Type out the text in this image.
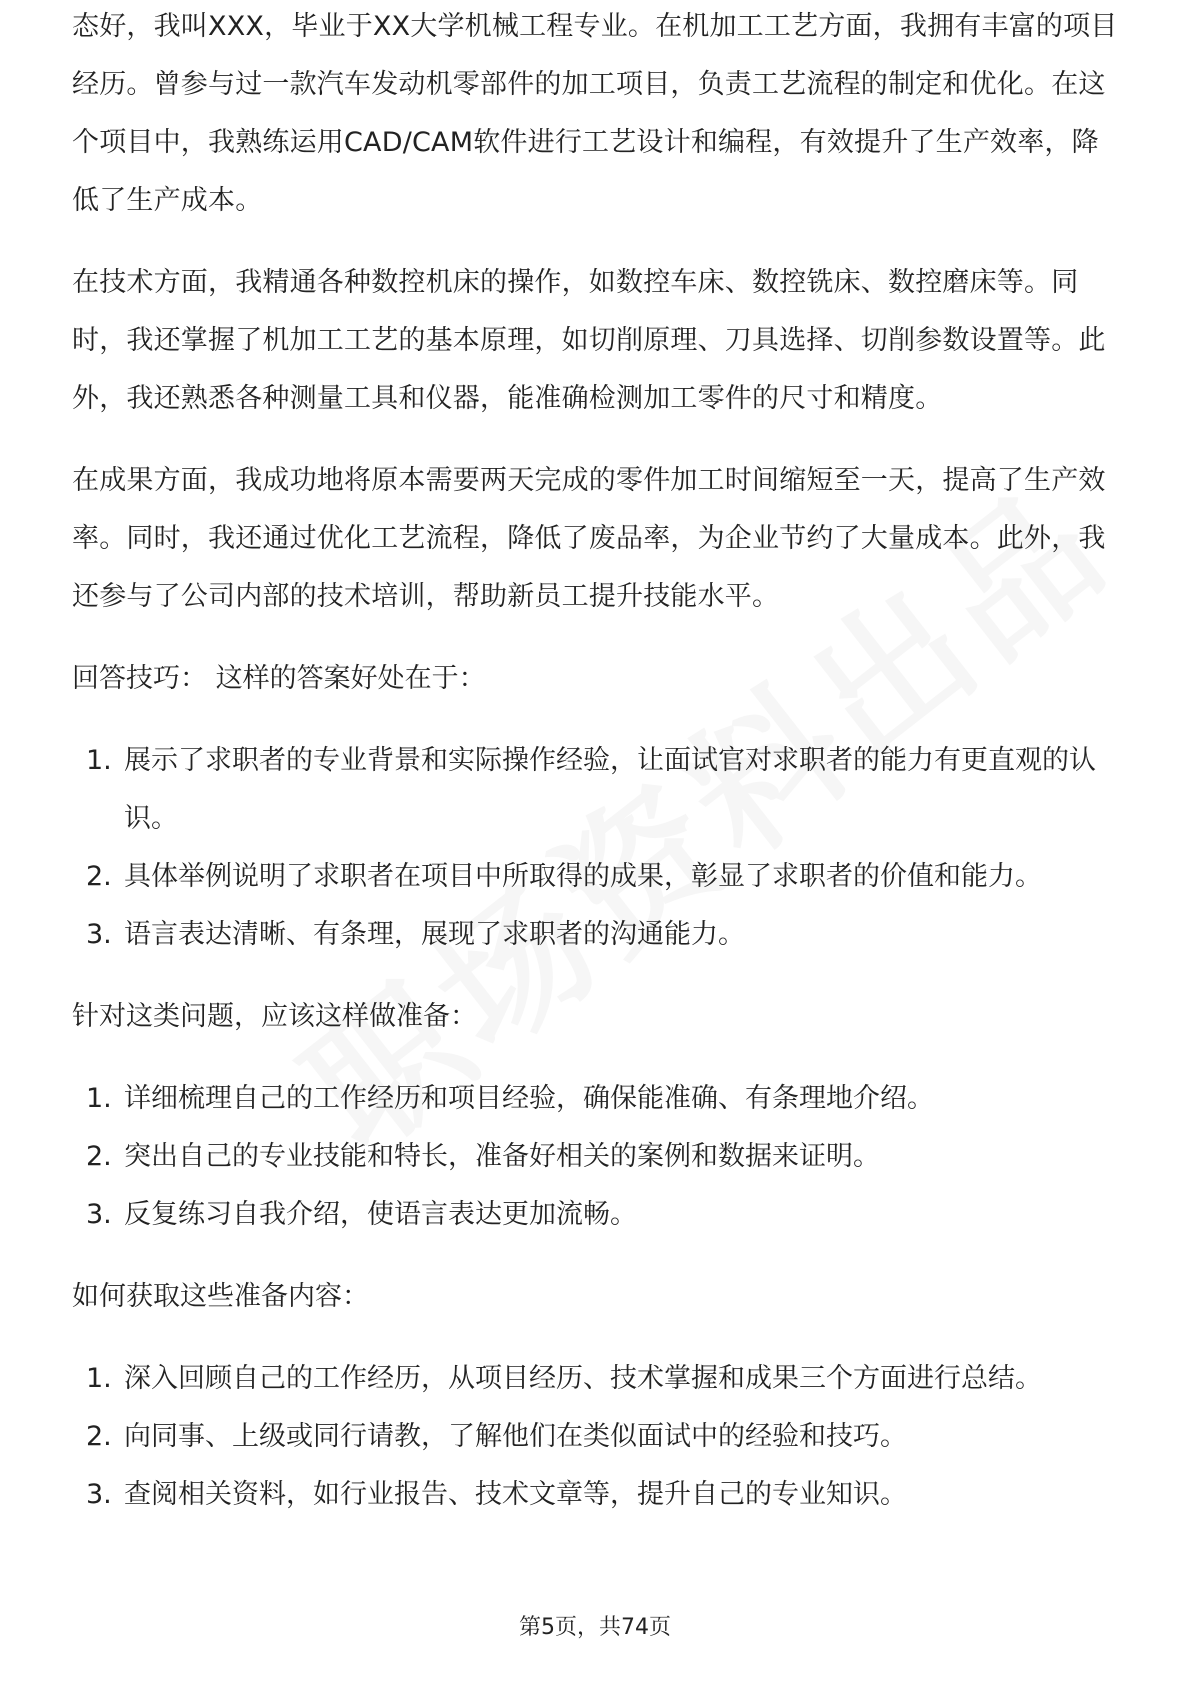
态好，我叫XXX，毕业于XX大学机械工程专业。在机加工工艺方面，我拥有丰富的项目经历。曾参与过一款汽车发动机零部件的加工项目，负责工艺流程的制定和优化。在这个项目中，我熟练运用CAD/CAM软件进行工艺设计和编程，有效提升了生产效率，降低了生产成本。

在技术方面，我精通各种数控机床的操作，如数控车床、数控铣床、数控磨床等。同时，我还掌握了机加工工艺的基本原理，如切削原理、刀具选择、切削参数设置等。此外，我还熟悉各种测量工具和仪器，能准确检测加工零件的尺寸和精度。

在成果方面，我成功地将原本需要两天完成的零件加工时间缩短至一天，提高了生产效率。同时，我还通过优化工艺流程，降低了废品率，为企业节约了大量成本。此外，我还参与了公司内部的技术培训，帮助新员工提升技能水平。

回答技巧： 这样的答案好处在于：
1. 展示了求职者的专业背景和实际操作经验，让面试官对求职者的能力有更直观的认识。
2. 具体举例说明了求职者在项目中所取得的成果，彰显了求职者的价值和能力。
3. 语言表达清晰、有条理，展现了求职者的沟通能力。
针对这类问题，应该这样做准备：
1. 详细梳理自己的工作经历和项目经验，确保能准确、有条理地介绍。
2. 突出自己的专业技能和特长，准备好相关的案例和数据来证明。
3. 反复练习自我介绍，使语言表达更加流畅。
如何获取这些准备内容：
1. 深入回顾自己的工作经历，从项目经历、技术掌握和成果三个方面进行总结。
2. 向同事、上级或同行请教，了解他们在类似面试中的经验和技巧。
3. 查阅相关资料，如行业报告、技术文章等，提升自己的专业知识。
第5页，共74页
